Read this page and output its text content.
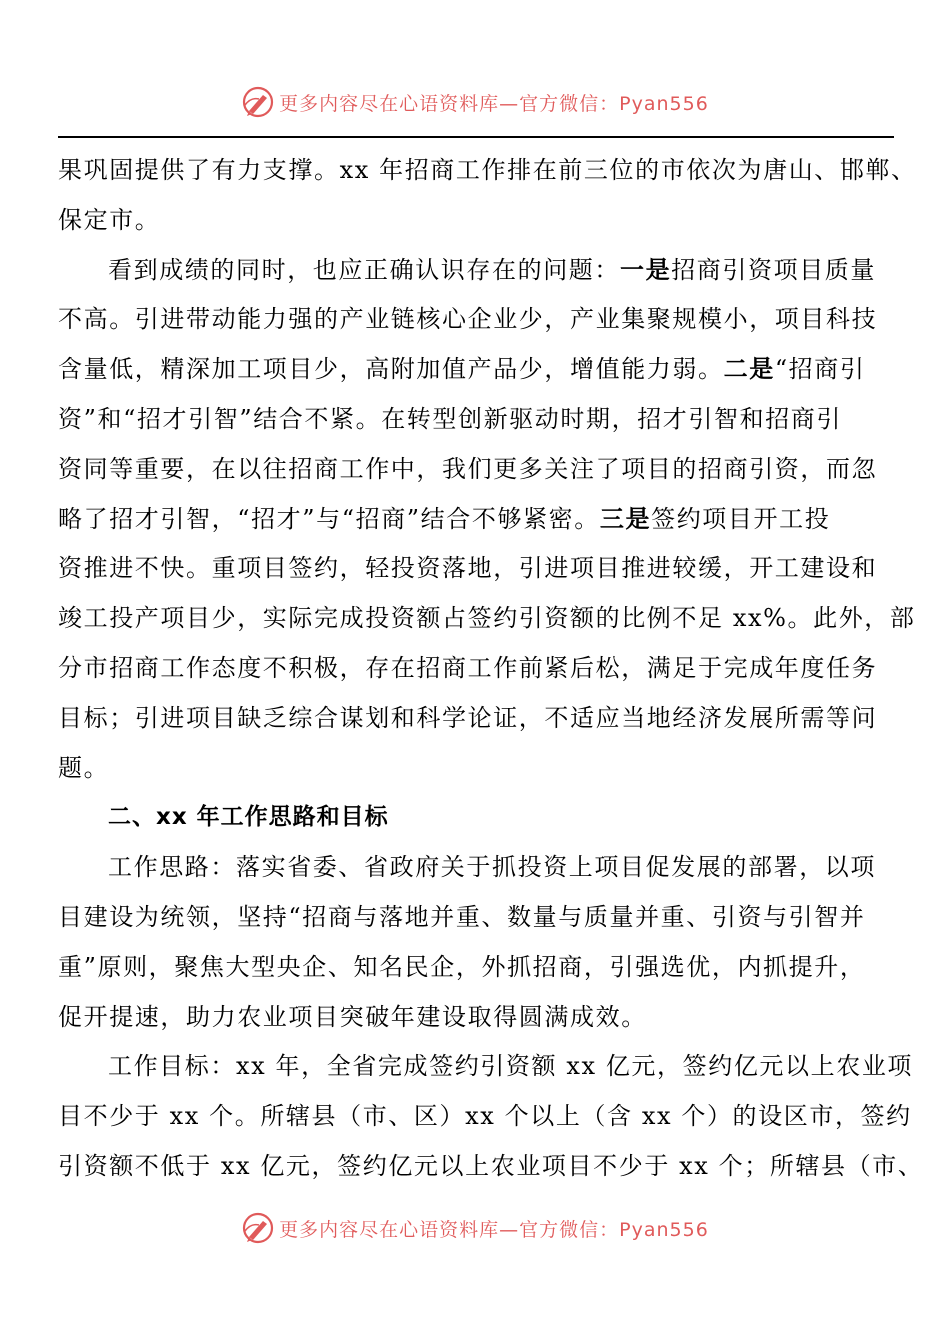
更多内容尽在心语资料库—官方微信：Pyan556

果巩固提供了有力支撑。xx 年招商工作排在前三位的市依次为唐山、邯郸、
保定市。

看到成绩的同时，也应正确认识存在的问题：一是招商引资项目质量
不高。引进带动能力强的产业链核心企业少，产业集聚规模小，项目科技
含量低，精深加工项目少，高附加值产品少，增值能力弱。二是“招商引
资”和“招才引智”结合不紧。在转型创新驱动时期，招才引智和招商引
资同等重要，在以往招商工作中，我们更多关注了项目的招商引资，而忽
略了招才引智，“招才”与“招商”结合不够紧密。三是签约项目开工投
资推进不快。重项目签约，轻投资落地，引进项目推进较缓，开工建设和
竣工投产项目少，实际完成投资额占签约引资额的比例不足 xx%。此外，部
分市招商工作态度不积极，存在招商工作前紧后松，满足于完成年度任务
目标；引进项目缺乏综合谋划和科学论证，不适应当地经济发展所需等问
题。

二、xx 年工作思路和目标

工作思路：落实省委、省政府关于抓投资上项目促发展的部署，以项
目建设为统领，坚持“招商与落地并重、数量与质量并重、引资与引智并
重”原则，聚焦大型央企、知名民企，外抓招商，引强选优，内抓提升，
促开提速，助力农业项目突破年建设取得圆满成效。

工作目标：xx 年，全省完成签约引资额 xx 亿元，签约亿元以上农业项
目不少于 xx 个。所辖县（市、区）xx 个以上（含 xx 个）的设区市，签约
引资额不低于 xx 亿元，签约亿元以上农业项目不少于 xx 个；所辖县（市、

更多内容尽在心语资料库—官方微信：Pyan556
